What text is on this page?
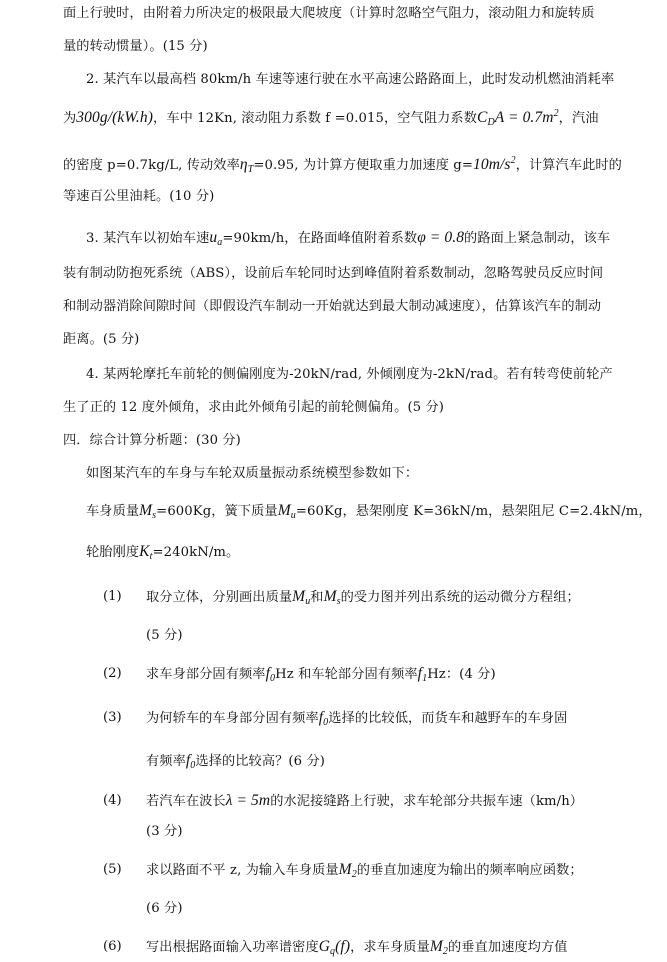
面上行驶时，由附着力所决定的极限最大爬坡度（计算时忽略空气阻力，滚动阻力和旋转质
量的转动惯量）。(15 分)
2. 某汽车以最高档 80km/h 车速等速行驶在水平高速公路路面上，此时发动机燃油消耗率
为300g/(kW.h)，车中 12Kn, 滚动阻力系数 f =0.015，空气阻力系数$C_DA = 0.7m^2$，汽油
的密度 p=0.7kg/L, 传动效率$\eta_T=0.95$, 为计算方便取重力加速度 $g=10m/s^2$，计算汽车此时的
等速百公里油耗。(10 分)
3. 某汽车以初始车速$u_a=90km/h$，在路面峰值附着系数φ = 0.8的路面上紧急制动，该车
装有制动防抱死系统（ABS），设前后车轮同时达到峰值附着系数制动，忽略驾驶员反应时间
和制动器消除间隙时间（即假设汽车制动一开始就达到最大制动减速度），估算该汽车的制动
距离。(5 分)
4. 某两轮摩托车前轮的侧偏刚度为-20kN/rad, 外倾刚度为-2kN/rad。若有转弯使前轮产
生了正的 12 度外倾角，求由此外倾角引起的前轮侧偏角。(5 分)
四．综合计算分析题：(30 分)
如图某汽车的车身与车轮双质量振动系统模型参数如下：
车身质量$M_s=600Kg$，簧下质量$M_u=60Kg$，悬架刚度 K=36kN/m，悬架阻尼 C=2.4kN/m，
轮胎刚度$K_t=240kN/m$。
(1) 取分立体，分别画出质量$M_u$和$M_s$的受力图并列出系统的运动微分方程组；
(5 分)
(2) 求车身部分固有频率$f_0Hz$ 和车轮部分固有频率$f_1Hz$：(4 分)
(3) 为何轿车的车身部分固有频率$f_0$选择的比较低，而货车和越野车的车身固
有频率$f_0$选择的比较高？(6 分)
(4) 若汽车在波长λ = 5m的水泥接缝路上行驶，求车轮部分共振车速（km/h）
(3 分)
(5) 求以路面不平 z, 为输入车身质量$M_2$的垂直加速度为输出的频率响应函数；
(6 分)
(6) 写出根据路面输入功率谱密度$G_q(f)$，求车身质量$M_2$的垂直加速度均方值
